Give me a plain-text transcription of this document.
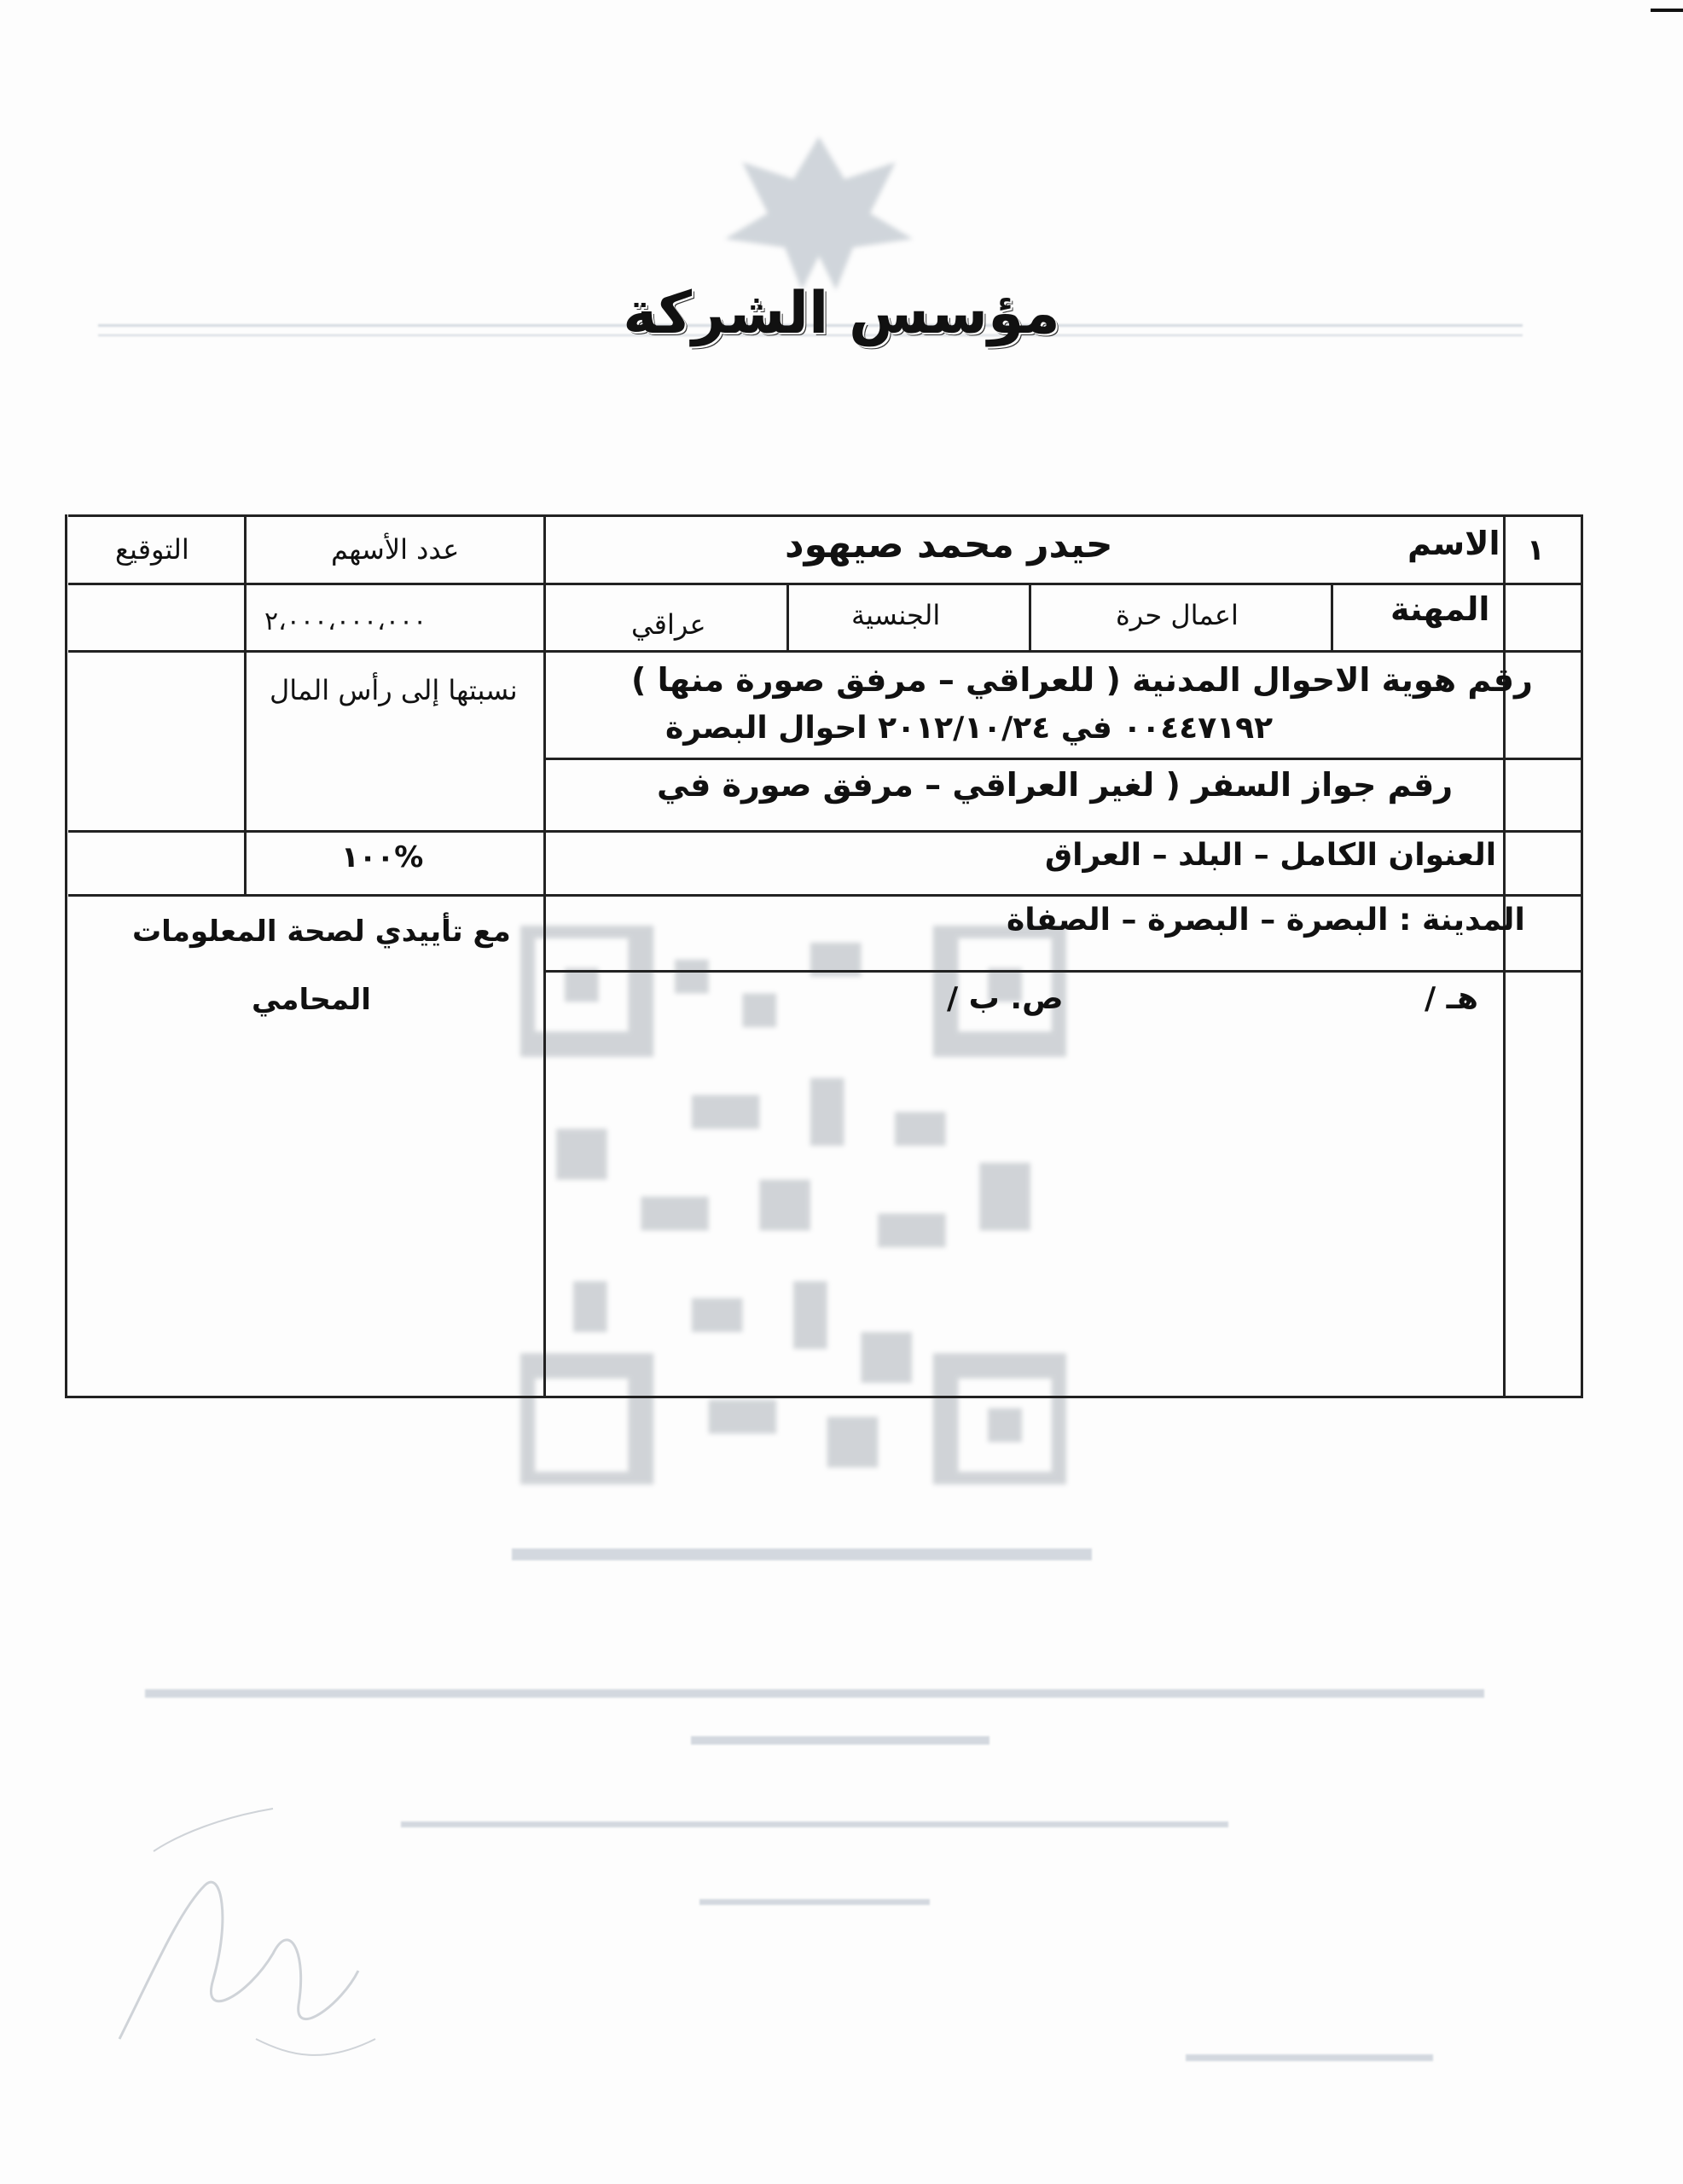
مؤسس الشركة
١
الاسم
حيدر محمد صيهود
عدد الأسهم
التوقيع
المهنة
اعمال حرة
الجنسية
عراقي
٢،٠٠٠،٠٠٠،٠٠٠
رقم هوية الاحوال المدنية ( للعراقي – مرفق صورة منها )
٠٠٤٤٧١٩٢ في ٢٠١٢/١٠/٢٤ احوال البصرة
نسبتها إلى رأس المال
رقم جواز السفر ( لغير العراقي – مرفق صورة في
العنوان الكامل – البلد – العراق
%١٠٠
المدينة : البصرة – البصرة – الصفاة
مع تأييدي لصحة المعلومات
المحامي	هـ /
ص. ب /
